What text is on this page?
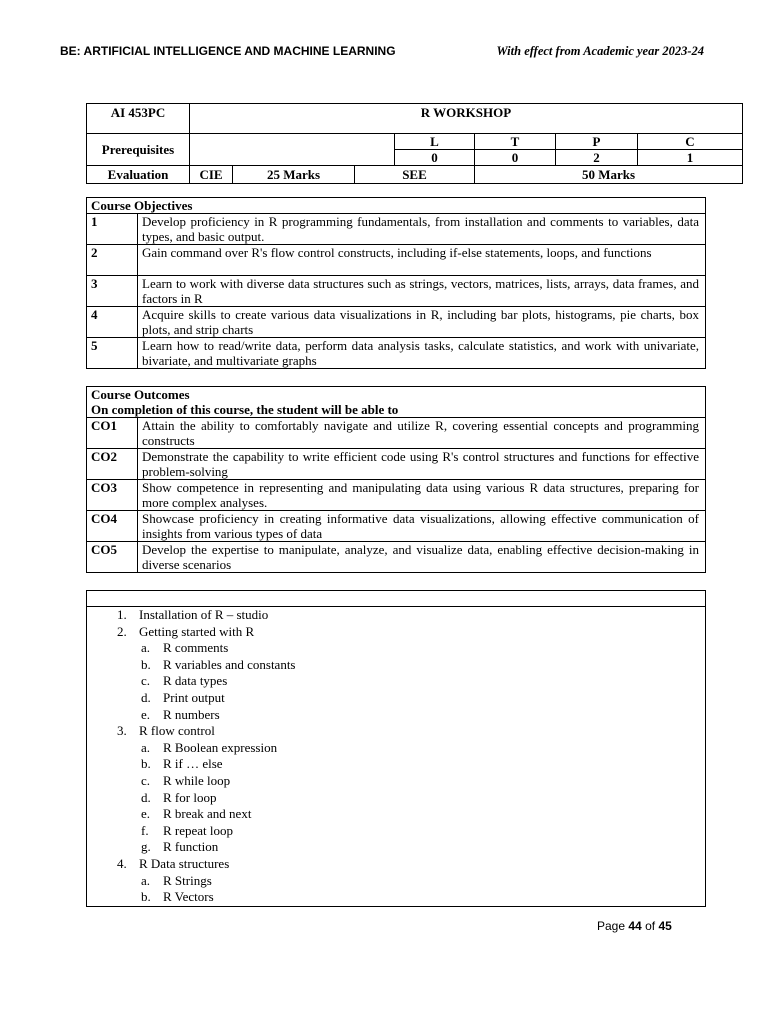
BE: ARTIFICIAL INTELLIGENCE AND MACHINE LEARNING	With effect from Academic year 2023-24
AI 453PC	R WORKSHOP						
Prerequisites				L	T	P	C
				0	0	2	1
Evaluation	CIE	25 Marks	SEE		50 Marks		
Course Objectives	
1	Develop proficiency in R programming fundamentals, from installation and comments to variables, data types, and basic output.
2	Gain command over R's flow control constructs, including if-else statements, loops, and functions
3	Learn to work with diverse data structures such as strings, vectors, matrices, lists, arrays, data frames, and factors in R
4	Acquire skills to create various data visualizations in R, including bar plots, histograms, pie charts, box plots, and strip charts
5	Learn how to read/write data, perform data analysis tasks, calculate statistics, and work with univariate, bivariate, and multivariate graphs
Course Outcomes
On completion of this course, the student will be able to	

CO1	Attain the ability to comfortably navigate and utilize R, covering essential concepts and programming constructs
CO2	Demonstrate the capability to write efficient code using R's control structures and functions for effective problem-solving
CO3	Show competence in representing and manipulating data using various R data structures, preparing for more complex analyses.
CO4	Showcase proficiency in creating informative data visualizations, allowing effective communication of insights from various types of data
CO5	Develop the expertise to manipulate, analyze, and visualize data, enabling effective decision-making in diverse scenarios

1. Installation of R – studio
2. Getting started with R
a. R comments
b. R variables and constants
c. R data types
d. Print output
e. R numbers
3. R flow control
a. R Boolean expression
b. R if … else
c. R while loop
d. R for loop
e. R break and next
f. R repeat loop
g. R function
4. R Data structures
a. R Strings
b. R Vectors
Page 44 of 45
